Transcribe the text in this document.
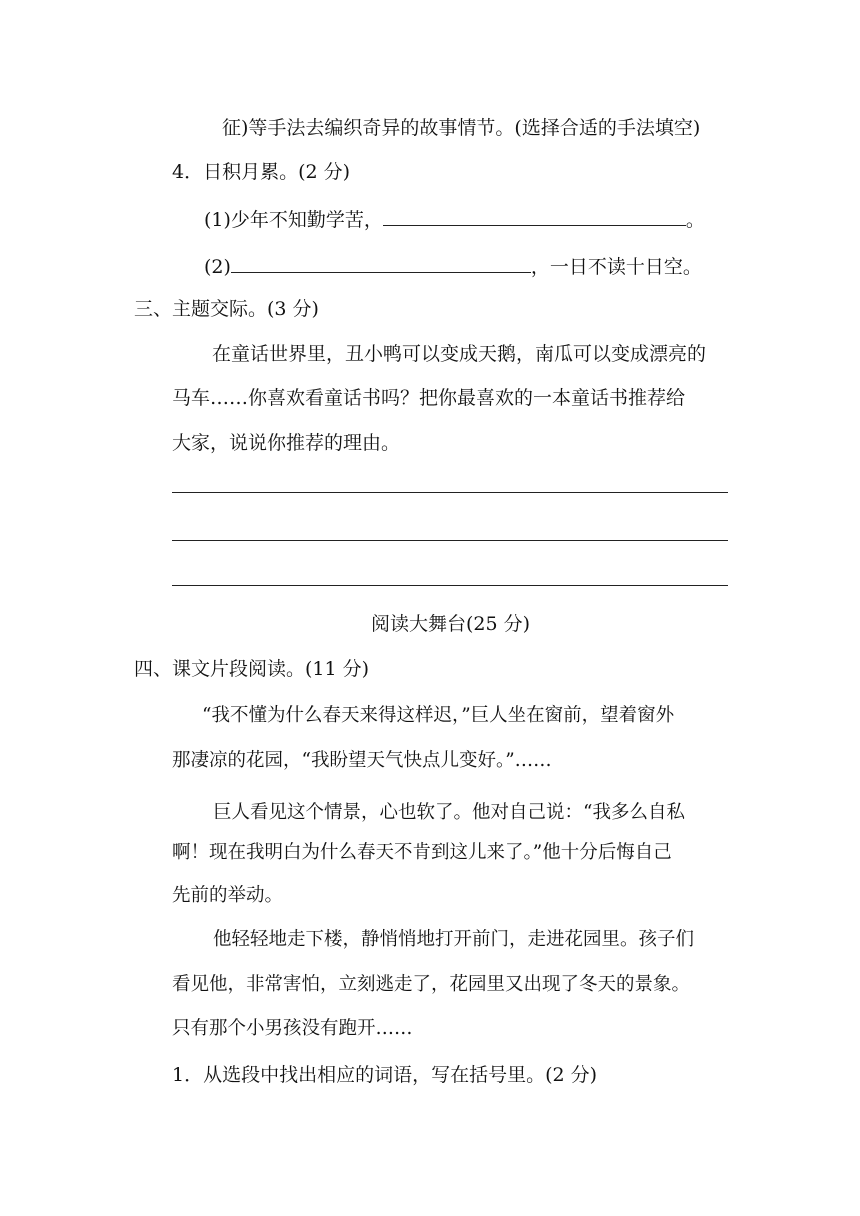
征)等手法去编织奇异的故事情节。(选择合适的手法填空)
4．日积月累。(2 分)
(1)少年不知勤学苦，	。
(2)	，一日不读十日空。
三、主题交际。(3 分)
在童话世界里，丑小鸭可以变成天鹅，南瓜可以变成漂亮的
马车……你喜欢看童话书吗？把你最喜欢的一本童话书推荐给
大家，说说你推荐的理由。
阅读大舞台(25 分)
四、课文片段阅读。(11 分)
“我不懂为什么春天来得这样迟，”巨人坐在窗前，望着窗外
那凄凉的花园，“我盼望天气快点儿变好。”……
巨人看见这个情景，心也软了。他对自己说：“我多么自私
啊！现在我明白为什么春天不肯到这儿来了。”他十分后悔自己
先前的举动。
他轻轻地走下楼，静悄悄地打开前门，走进花园里。孩子们
看见他，非常害怕，立刻逃走了，花园里又出现了冬天的景象。
只有那个小男孩没有跑开……
1．从选段中找出相应的词语，写在括号里。(2 分)
